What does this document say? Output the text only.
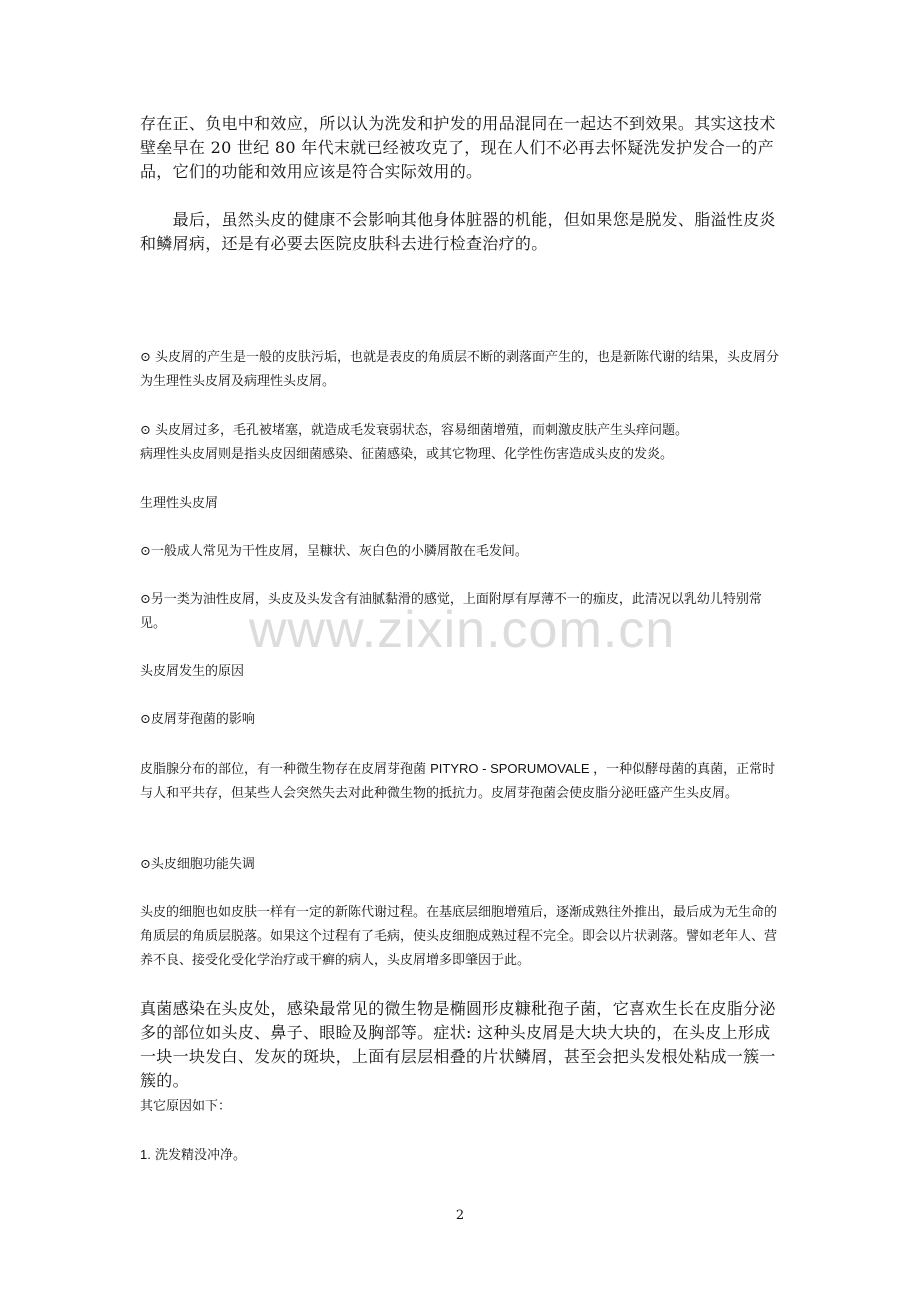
存在正、负电中和效应，所以认为洗发和护发的用品混同在一起达不到效果。其实这技术壁垒早在 20 世纪 80 年代末就已经被攻克了，现在人们不必再去怀疑洗发护发合一的产品，它们的功能和效用应该是符合实际效用的。

　　最后，虽然头皮的健康不会影响其他身体脏器的机能，但如果您是脱发、脂溢性皮炎和鳞屑病，还是有必要去医院皮肤科去进行检查治疗的。

⊙ 头皮屑的产生是一般的皮肤污垢，也就是表皮的角质层不断的剥落面产生的，也是新陈代谢的结果，头皮屑分为生理性头皮屑及病理性头皮屑。

⊙ 头皮屑过多，毛孔被堵塞，就造成毛发衰弱状态，容易细菌增殖，而刺激皮肤产生头痒问题。

病理性头皮屑则是指头皮因细菌感染、征菌感染，或其它物理、化学性伤害造成头皮的发炎。

生理性头皮屑

⊙一般成人常见为干性皮屑，呈糠状、灰白色的小膦屑散在毛发间。

⊙另一类为油性皮屑，头皮及头发含有油腻黏滑的感觉，上面附厚有厚薄不一的痂皮，此清况以乳幼儿特别常见。

头皮屑发生的原因

⊙皮屑芽孢菌的影响

皮脂腺分布的部位，有一种微生物存在皮屑芽孢菌 PITYRO - SPORUMOVALE ，一种似酵母菌的真菌，正常时与人和平共存，但某些人会突然失去对此种微生物的抵抗力。皮屑芽孢菌会使皮脂分泌旺盛产生头皮屑。

⊙头皮细胞功能失调

头皮的细胞也如皮肤一样有一定的新陈代谢过程。在基底层细胞增殖后，逐渐成熟往外推出，最后成为无生命的角质层的角质层脱落。如果这个过程有了毛病，使头皮细胞成熟过程不完全。即会以片状剥落。譬如老年人、营养不良、接受化受化学治疗或干癣的病人，头皮屑增多即肇因于此。

真菌感染在头皮处，感染最常见的微生物是椭圆形皮糠秕孢子菌，它喜欢生长在皮脂分泌多的部位如头皮、鼻子、眼睑及胸部等。症状: 这种头皮屑是大块大块的，在头皮上形成一块一块发白、发灰的斑块，上面有层层相叠的片状鳞屑，甚至会把头发根处粘成一簇一簇的。

其它原因如下：

1. 洗发精没冲净。

www.zixin.com.cn

2
